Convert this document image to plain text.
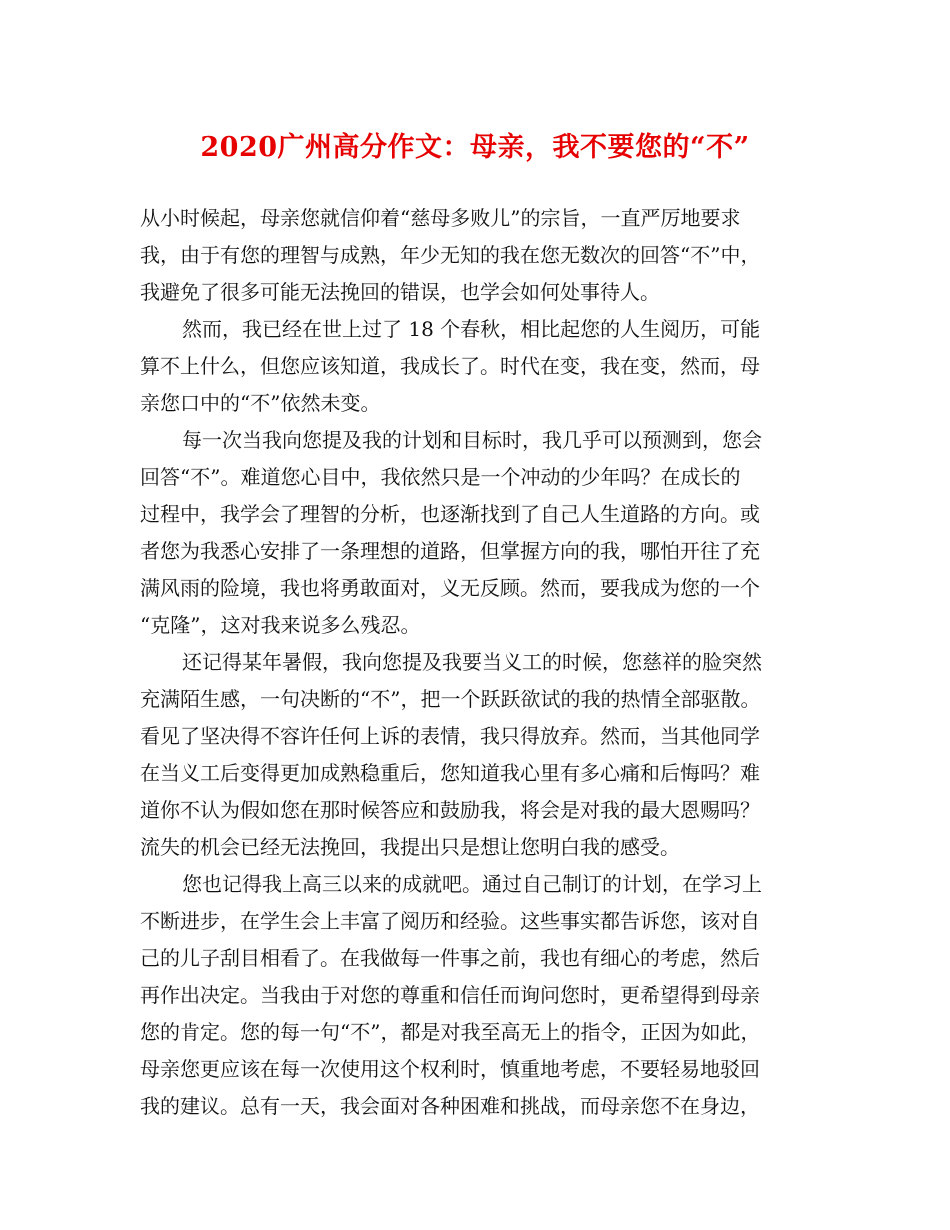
2020广州高分作文：母亲，我不要您的“不”
从小时候起，母亲您就信仰着“慈母多败儿”的宗旨，一直严厉地要求
我，由于有您的理智与成熟，年少无知的我在您无数次的回答“不”中，
我避免了很多可能无法挽回的错误，也学会如何处事待人。
然而，我已经在世上过了 18 个春秋，相比起您的人生阅历，可能
算不上什么，但您应该知道，我成长了。时代在变，我在变，然而，母
亲您口中的“不”依然未变。
每一次当我向您提及我的计划和目标时，我几乎可以预测到，您会
回答“不”。难道您心目中，我依然只是一个冲动的少年吗？在成长的
过程中，我学会了理智的分析，也逐渐找到了自己人生道路的方向。或
者您为我悉心安排了一条理想的道路，但掌握方向的我，哪怕开往了充
满风雨的险境，我也将勇敢面对，义无反顾。然而，要我成为您的一个
“克隆”，这对我来说多么残忍。
还记得某年暑假，我向您提及我要当义工的时候，您慈祥的脸突然
充满陌生感，一句决断的“不”，把一个跃跃欲试的我的热情全部驱散。
看见了坚决得不容许任何上诉的表情，我只得放弃。然而，当其他同学
在当义工后变得更加成熟稳重后，您知道我心里有多心痛和后悔吗？难
道你不认为假如您在那时候答应和鼓励我，将会是对我的最大恩赐吗？
流失的机会已经无法挽回，我提出只是想让您明白我的感受。
您也记得我上高三以来的成就吧。通过自己制订的计划，在学习上
不断进步，在学生会上丰富了阅历和经验。这些事实都告诉您，该对自
己的儿子刮目相看了。在我做每一件事之前，我也有细心的考虑，然后
再作出决定。当我由于对您的尊重和信任而询问您时，更希望得到母亲
您的肯定。您的每一句“不”，都是对我至高无上的指令，正因为如此，
母亲您更应该在每一次使用这个权利时，慎重地考虑，不要轻易地驳回
我的建议。总有一天，我会面对各种困难和挑战，而母亲您不在身边，
